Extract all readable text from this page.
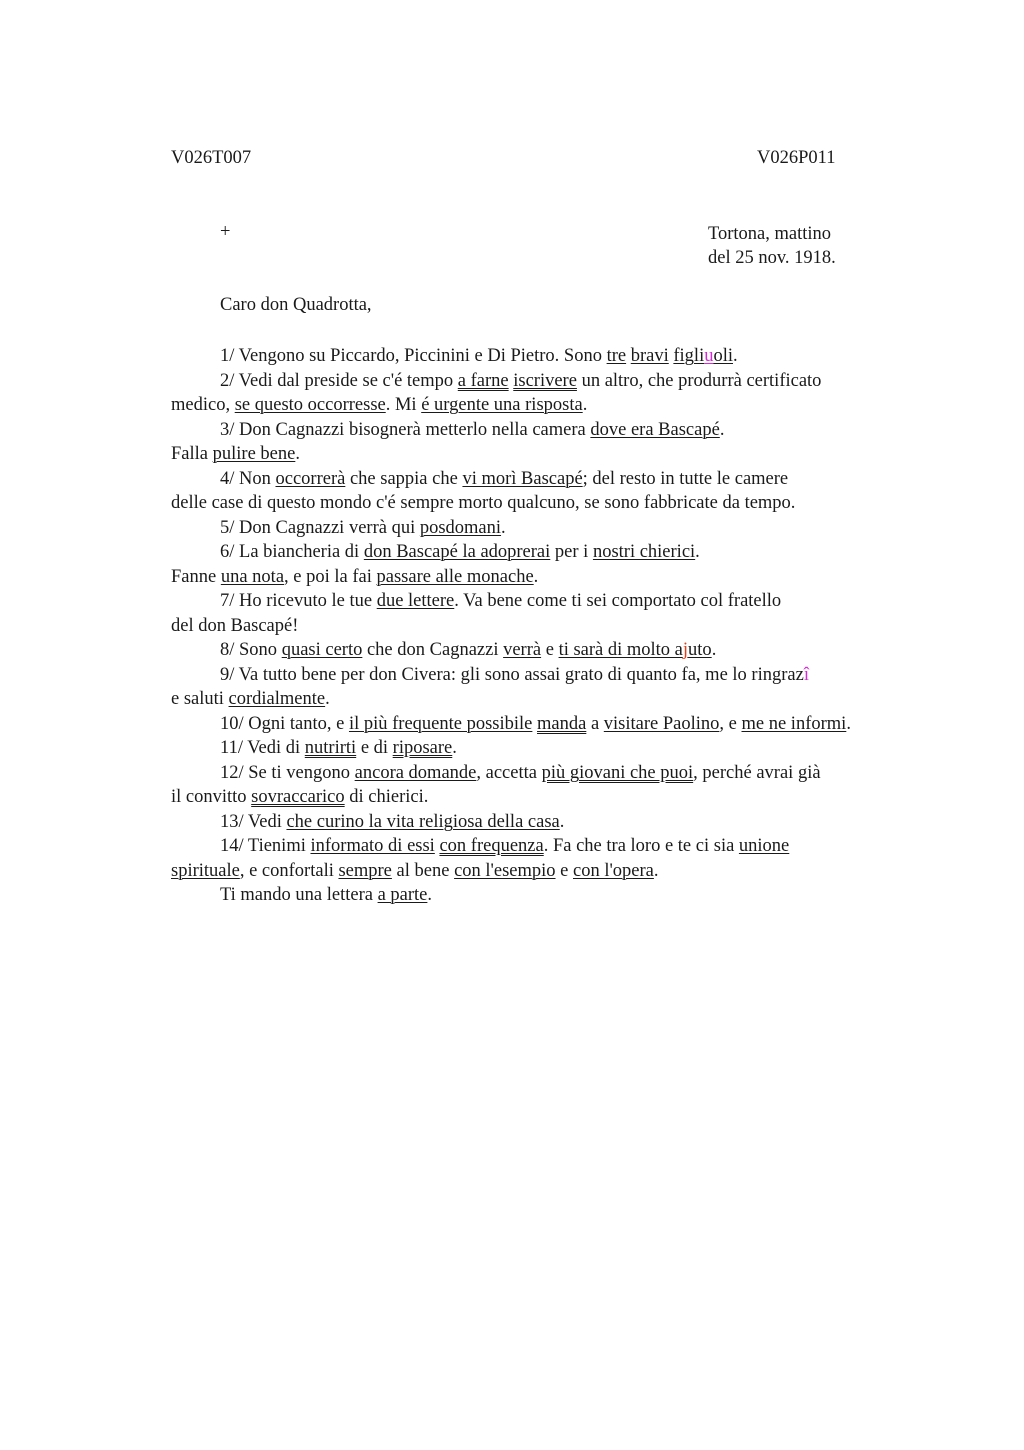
V026T007	V026P011
+	Tortona, mattino
del 25 nov. 1918.
Caro don Quadrotta,
1/ Vengono su Piccardo, Piccinini e Di Pietro. Sono tre bravi figliuoli.
2/ Vedi dal preside se c'é tempo a farne iscrivere un altro, che produrrà certificato
medico, se questo occorresse. Mi é urgente una risposta.
3/ Don Cagnazzi bisognerà metterlo nella camera dove era Bascapé.
Falla pulire bene.
4/ Non occorrerà che sappia che vi morì Bascapé; del resto in tutte le camere
delle case di questo mondo c'é sempre morto qualcuno, se sono fabbricate da tempo.
5/ Don Cagnazzi verrà qui posdomani.
6/ La biancheria di don Bascapé la adoprerai per i nostri chierici.
Fanne una nota, e poi la fai passare alle monache.
7/ Ho ricevuto le tue due lettere. Va bene come ti sei comportato col fratello
del don Bascapé!
8/ Sono quasi certo che don Cagnazzi verrà e ti sarà di molto ajuto.
9/ Va tutto bene per don Civera: gli sono assai grato di quanto fa, me lo ringrazî
e saluti cordialmente.
10/ Ogni tanto, e il più frequente possibile manda a visitare Paolino, e me ne informi.
11/ Vedi di nutrirti e di riposare.
12/ Se ti vengono ancora domande, accetta più giovani che puoi, perché avrai già
il convitto sovraccarico di chierici.
13/ Vedi che curino la vita religiosa della casa.
14/ Tienimi informato di essi con frequenza. Fa che tra loro e te ci sia unione
spirituale, e confortali sempre al bene con l'esempio e con l'opera.
Ti mando una lettera a parte.
